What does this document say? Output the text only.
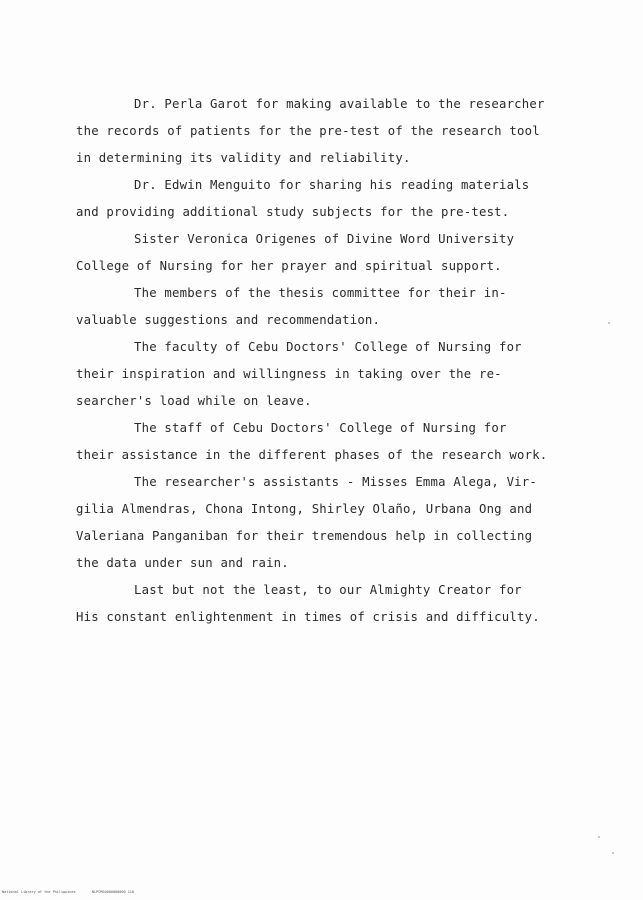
Dr. Perla Garot for making available to the researcher

the records of patients for the pre-test of the research tool

in determining its validity and reliability.

Dr. Edwin Menguito for sharing his reading materials

and providing additional study subjects for the pre-test.

Sister Veronica Origenes of Divine Word University

College of Nursing for her prayer and spiritual support.

The members of the thesis committee for their in-

valuable suggestions and recommendation.

The faculty of Cebu Doctors' College of Nursing for

their inspiration and willingness in taking over the re-

searcher's load while on leave.

The staff of Cebu Doctors' College of Nursing for

their assistance in the different phases of the research work.

The researcher's assistants - Misses Emma Alega, Vir-

gilia Almendras, Chona Intong, Shirley Olaño, Urbana Ong and

Valeriana Panganiban for their tremendous help in collecting

the data under sun and rain.

Last but not the least, to our Almighty Creator for

His constant enlightenment in times of crisis and difficulty.

National Library of the Philippines	NLPCMS0000000000 118
